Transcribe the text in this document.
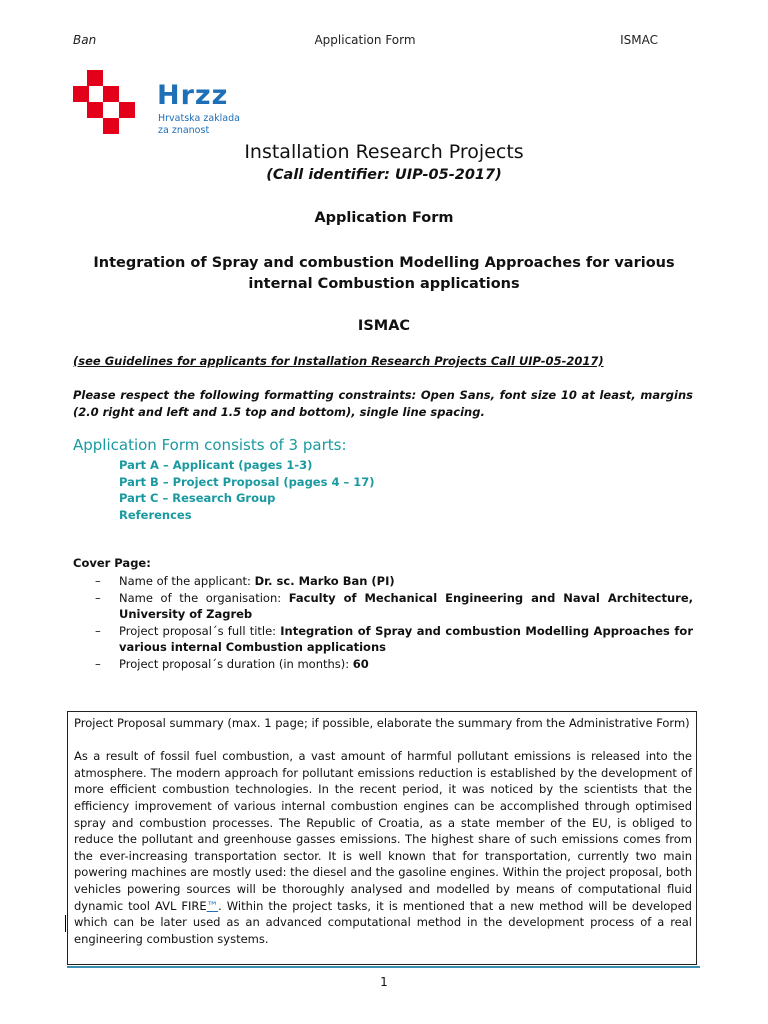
Ban	Application Form	ISMAC
Hrzz
Hrvatska zaklada
za znanost
Installation Research Projects
(Call identifier: UIP-05-2017)
Application Form
Integration of Spray and combustion Modelling Approaches for various internal Combustion applications
ISMAC
(see Guidelines for applicants for Installation Research Projects Call UIP-05-2017)
Please respect the following formatting constraints: Open Sans, font size 10 at least, margins (2.0 right and left and 1.5 top and bottom), single line spacing.
Application Form consists of 3 parts:
Part A – Applicant (pages 1-3)
Part B – Project Proposal (pages 4 – 17)
Part C – Research Group
References
Cover Page:
– Name of the applicant: Dr. sc. Marko Ban (PI)
– Name of the organisation: Faculty of Mechanical Engineering and Naval Architecture, University of Zagreb
– Project proposal´s full title: Integration of Spray and combustion Modelling Approaches for various internal Combustion applications
– Project proposal´s duration (in months): 60

Project Proposal summary (max. 1 page; if possible, elaborate the summary from the Administrative Form)

As a result of fossil fuel combustion, a vast amount of harmful pollutant emissions is released into the atmosphere. The modern approach for pollutant emissions reduction is established by the development of more efficient combustion technologies. In the recent period, it was noticed by the scientists that the efficiency improvement of various internal combustion engines can be accomplished through optimised spray and combustion processes. The Republic of Croatia, as a state member of the EU, is obliged to reduce the pollutant and greenhouse gasses emissions. The highest share of such emissions comes from the ever-increasing transportation sector. It is well known that for transportation, currently two main powering machines are mostly used: the diesel and the gasoline engines. Within the project proposal, both vehicles powering sources will be thoroughly analysed and modelled by means of computational fluid dynamic tool AVL FIRE™. Within the project tasks, it is mentioned that a new method will be developed which can be later used as an advanced computational method in the development process of a real engineering combustion systems.

1
